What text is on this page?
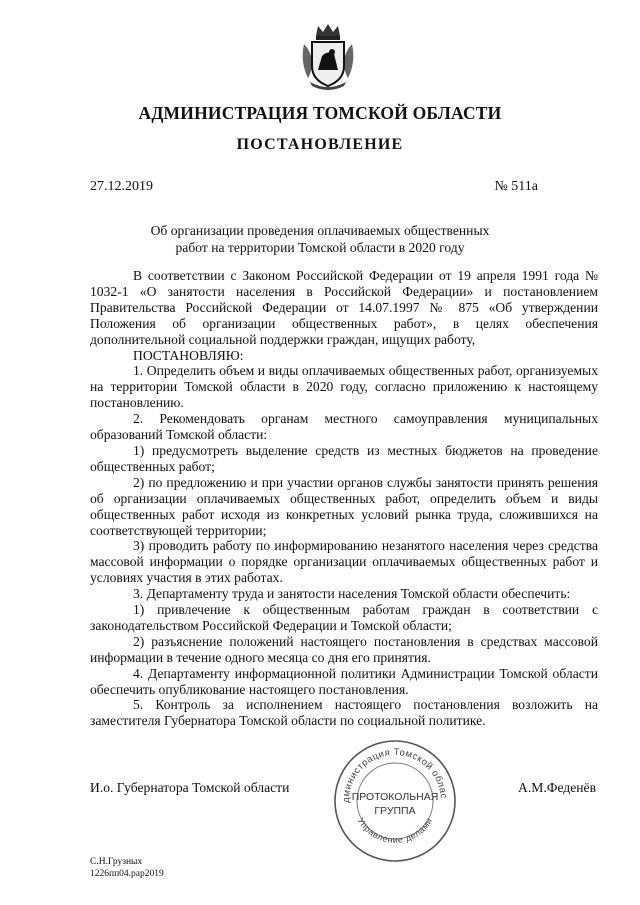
АДМИНИСТРАЦИЯ ТОМСКОЙ ОБЛАСТИ
ПОСТАНОВЛЕНИЕ
27.12.2019	№ 511а
Об организации проведения оплачиваемых общественных
работ на территории Томской области в 2020 году

В соответствии с Законом Российской Федерации от 19 апреля 1991 года № 1032-1 «О занятости населения в Российской Федерации» и постановлением Правительства Российской Федерации от 14.07.1997 № 875 «Об утверждении Положения об организации общественных работ», в целях обеспечения дополнительной социальной поддержки граждан, ищущих работу,

ПОСТАНОВЛЯЮ:

1. Определить объем и виды оплачиваемых общественных работ, организуемых на территории Томской области в 2020 году, согласно приложению к настоящему постановлению.

2. Рекомендовать органам местного самоуправления муниципальных образований Томской области:

1) предусмотреть выделение средств из местных бюджетов на проведение общественных работ;

2) по предложению и при участии органов службы занятости принять решения об организации оплачиваемых общественных работ, определить объем и виды общественных работ исходя из конкретных условий рынка труда, сложившихся на соответствующей территории;

3) проводить работу по информированию незанятого населения через средства массовой информации о порядке организации оплачиваемых общественных работ и условиях участия в этих работах.

3. Департаменту труда и занятости населения Томской области обеспечить:

1) привлечение к общественным работам граждан в соответствии с законодательством Российской Федерации и Томской области;

2) разъяснение положений настоящего постановления в средствах массовой информации в течение одного месяца со дня его принятия.

4. Департаменту информационной политики Администрации Томской области обеспечить опубликование настоящего постановления.

5. Контроль за исполнением настоящего постановления возложить на заместителя Губернатора Томской области по социальной политике.

И.о. Губернатора Томской области	А.М.Феденёв
дминистрация Томской облас
Управление делами
ПРОТОКОЛЬНАЯ
ГРУППА
С.Н.Грузных
1226пп04.рар2019
